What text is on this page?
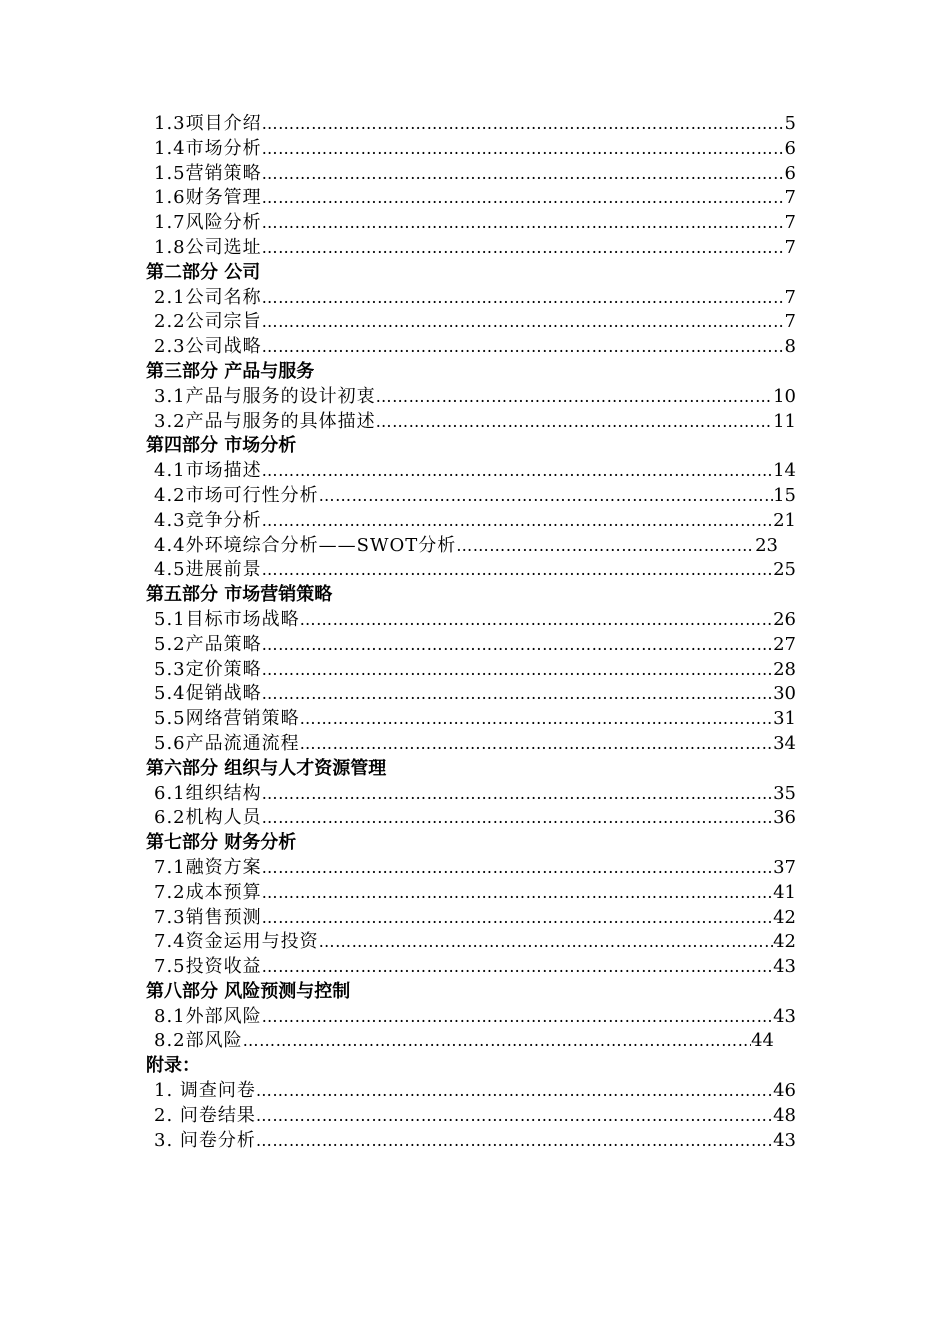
1.3项目介绍 ………………………………………………………………………………………………………………………………………………………………	5
1.4市场分析 ………………………………………………………………………………………………………………………………………………………………	6
1.5营销策略 ………………………………………………………………………………………………………………………………………………………………	6
1.6财务管理 ………………………………………………………………………………………………………………………………………………………………	7
1.7风险分析 ………………………………………………………………………………………………………………………………………………………………	7
1.8公司选址 ………………………………………………………………………………………………………………………………………………………………	7
第二部分 公司
2.1公司名称 ………………………………………………………………………………………………………………………………………………………………	7
2.2公司宗旨 ………………………………………………………………………………………………………………………………………………………………	7
2.3公司战略 ………………………………………………………………………………………………………………………………………………………………	8
第三部分 产品与服务
3.1产品与服务的设计初衷 ………………………………………………………………………………………………………………………………………………………………	10
3.2产品与服务的具体描述 ………………………………………………………………………………………………………………………………………………………………	11
第四部分 市场分析
4.1市场描述 ………………………………………………………………………………………………………………………………………………………………	14
4.2市场可行性分析 ………………………………………………………………………………………………………………………………………………………………	15
4.3竞争分析 ………………………………………………………………………………………………………………………………………………………………	21
4.4外环境综合分析——SWOT分析 ………………………………………………………………………………………………………………………………………………………………	23
4.5进展前景 ………………………………………………………………………………………………………………………………………………………………	25
第五部分 市场营销策略
5.1目标市场战略 ………………………………………………………………………………………………………………………………………………………………	26
5.2产品策略 ………………………………………………………………………………………………………………………………………………………………	27
5.3定价策略 ………………………………………………………………………………………………………………………………………………………………	28
5.4促销战略 ………………………………………………………………………………………………………………………………………………………………	30
5.5网络营销策略 ………………………………………………………………………………………………………………………………………………………………	31
5.6产品流通流程 ………………………………………………………………………………………………………………………………………………………………	34
第六部分 组织与人才资源管理
6.1组织结构 ………………………………………………………………………………………………………………………………………………………………	35
6.2机构人员 ………………………………………………………………………………………………………………………………………………………………	36
第七部分 财务分析
7.1融资方案 ………………………………………………………………………………………………………………………………………………………………	37
7.2成本预算 ………………………………………………………………………………………………………………………………………………………………	41
7.3销售预测 ………………………………………………………………………………………………………………………………………………………………	42
7.4资金运用与投资 ………………………………………………………………………………………………………………………………………………………………	42
7.5投资收益 ………………………………………………………………………………………………………………………………………………………………	43
第八部分 风险预测与控制
8.1外部风险 ………………………………………………………………………………………………………………………………………………………………	43
8.2部风险 ………………………………………………………………………………………………………………………………………………………………	44
附录：
1. 调查问卷 ………………………………………………………………………………………………………………………………………………………………	46
2. 问卷结果 ………………………………………………………………………………………………………………………………………………………………	48
3. 问卷分析 ………………………………………………………………………………………………………………………………………………………………	43
